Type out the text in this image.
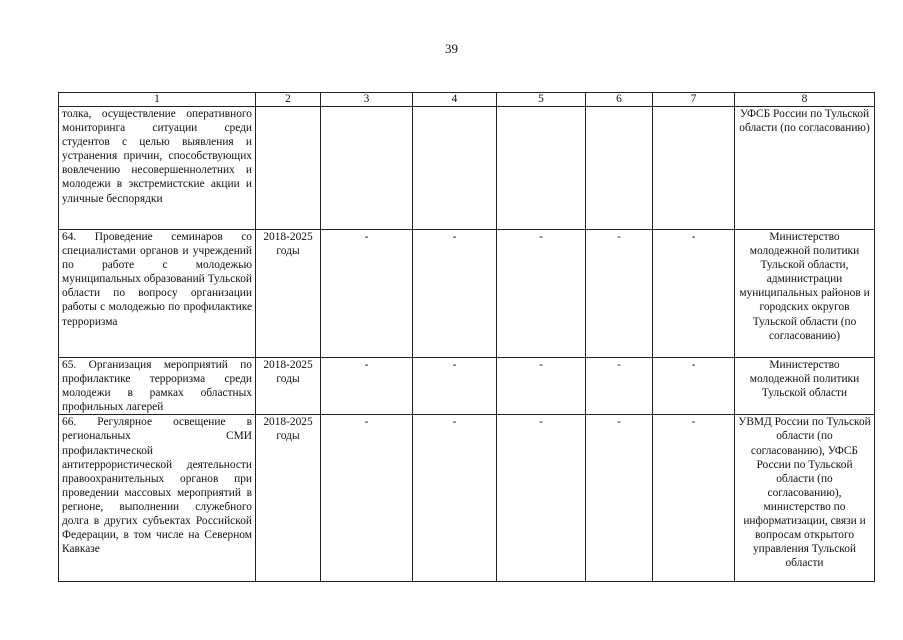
39
1	2	3	4	5	6	7	8
толка, осуществление оперативного мониторинга ситуации среди студентов с целью выявления и устранения причин, способствующих вовлечению несовершеннолетних и молодежи в экстремистские акции и уличные беспорядки							УФСБ России по Тульской области (по согласованию)
64. Проведение семинаров со специалистами органов и учреждений по работе с молодежью муниципальных образований Тульской области по вопросу организации работы с молодежью по профилактике терроризма	2018-2025 годы	-	-	-	-	-	Министерство молодежной политики Тульской области, администрации муниципальных районов и городских округов Тульской области (по согласованию)
65. Организация мероприятий по профилактике терроризма среди молодежи в рамках областных профильных лагерей	2018-2025 годы	-	-	-	-	-	Министерство молодежной политики Тульской области
66. Регулярное освещение в региональных СМИ профилактической антитеррористической деятельности правоохранительных органов при проведении массовых мероприятий в регионе, выполнении служебного долга в других субъектах Российской Федерации, в том числе на Северном Кавказе	2018-2025 годы	-	-	-	-	-	УВМД России по Тульской области (по согласованию), УФСБ России по Тульской области (по согласованию), министерство по информатизации, связи и вопросам открытого управления Тульской области
